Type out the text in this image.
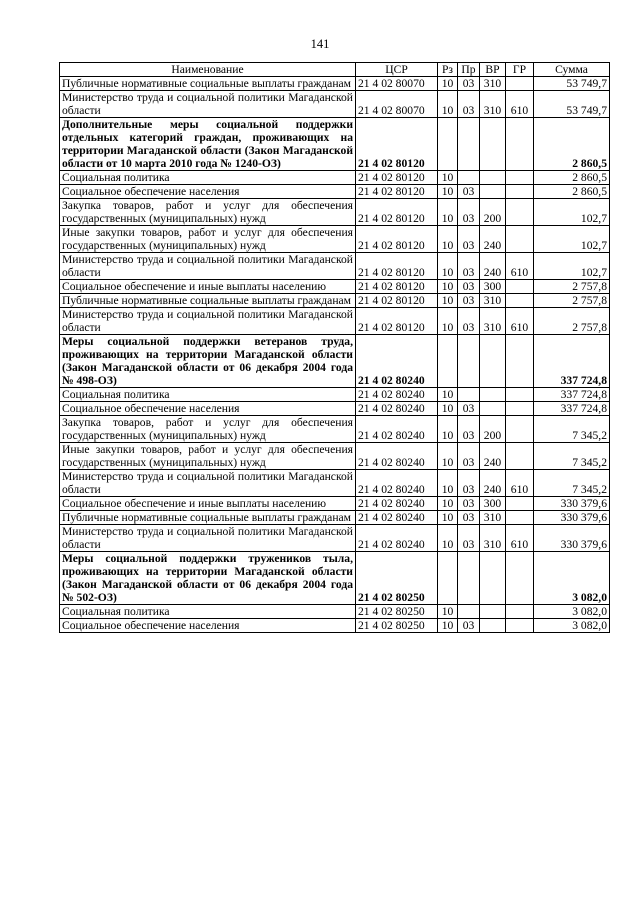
141
Наименование	ЦСР	Рз	Пр	ВР	ГР	Сумма
Публичные нормативные социальные выплаты гражданам	21 4 02 80070	10	03	310		53 749,7
Министерство труда и социальной политики Магаданской области	21 4 02 80070	10	03	310	610	53 749,7
Дополнительные меры социальной поддержки отдельных категорий граждан, проживающих на территории Магаданской области (Закон Магаданской области от 10 марта 2010 года № 1240-ОЗ)	21 4 02 80120					2 860,5
Социальная политика	21 4 02 80120	10				2 860,5
Социальное обеспечение населения	21 4 02 80120	10	03			2 860,5
Закупка товаров, работ и услуг для обеспечения государственных (муниципальных) нужд	21 4 02 80120	10	03	200		102,7
Иные закупки товаров, работ и услуг для обеспечения государственных (муниципальных) нужд	21 4 02 80120	10	03	240		102,7
Министерство труда и социальной политики Магаданской области	21 4 02 80120	10	03	240	610	102,7
Социальное обеспечение и иные выплаты населению	21 4 02 80120	10	03	300		2 757,8
Публичные нормативные социальные выплаты гражданам	21 4 02 80120	10	03	310		2 757,8
Министерство труда и социальной политики Магаданской области	21 4 02 80120	10	03	310	610	2 757,8
Меры социальной поддержки ветеранов труда, проживающих на территории Магаданской области (Закон Магаданской области от 06 декабря 2004 года № 498-ОЗ)	21 4 02 80240					337 724,8
Социальная политика	21 4 02 80240	10				337 724,8
Социальное обеспечение населения	21 4 02 80240	10	03			337 724,8
Закупка товаров, работ и услуг для обеспечения государственных (муниципальных) нужд	21 4 02 80240	10	03	200		7 345,2
Иные закупки товаров, работ и услуг для обеспечения государственных (муниципальных) нужд	21 4 02 80240	10	03	240		7 345,2
Министерство труда и социальной политики Магаданской области	21 4 02 80240	10	03	240	610	7 345,2
Социальное обеспечение и иные выплаты населению	21 4 02 80240	10	03	300		330 379,6
Публичные нормативные социальные выплаты гражданам	21 4 02 80240	10	03	310		330 379,6
Министерство труда и социальной политики Магаданской области	21 4 02 80240	10	03	310	610	330 379,6
Меры социальной поддержки тружеников тыла, проживающих на территории Магаданской области (Закон Магаданской области от 06 декабря 2004 года № 502-ОЗ)	21 4 02 80250					3 082,0
Социальная политика	21 4 02 80250	10				3 082,0
Социальное обеспечение населения	21 4 02 80250	10	03			3 082,0
